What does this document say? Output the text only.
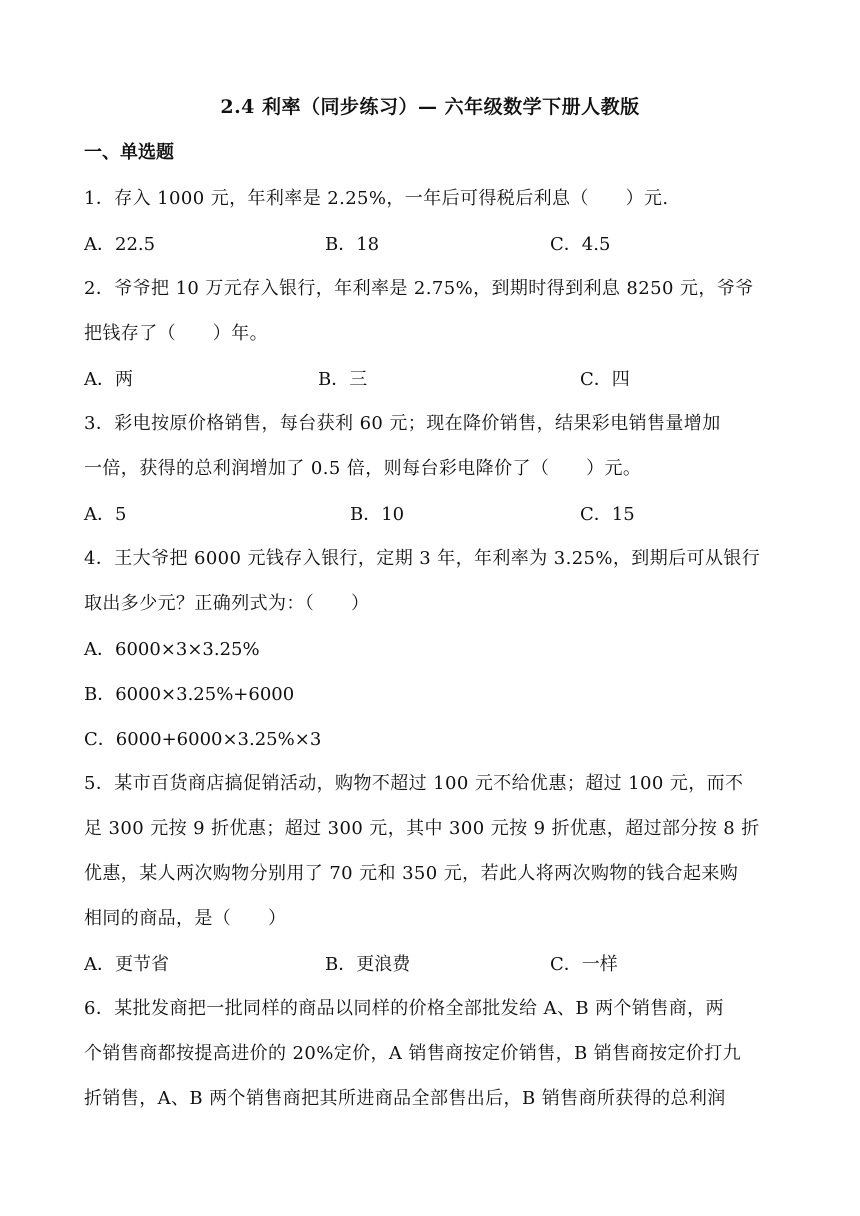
2.4 利率（同步练习）— 六年级数学下册人教版
一、单选题
1．存入 1000 元，年利率是 2.25%，一年后可得税后利息（　　）元.
A．22.5	B．18	C．4.5
2．爷爷把 10 万元存入银行，年利率是 2.75%，到期时得到利息 8250 元，爷爷
把钱存了（　　）年。
A．两	B．三	C．四
3．彩电按原价格销售，每台获利 60 元；现在降价销售，结果彩电销售量增加
一倍，获得的总利润增加了 0.5 倍，则每台彩电降价了（　　）元。
A．5	B．10	C．15
4．王大爷把 6000 元钱存入银行，定期 3 年，年利率为 3.25%，到期后可从银行
取出多少元？正确列式为：（　　）
A．6000×3×3.25%
B．6000×3.25%+6000
C．6000+6000×3.25%×3
5．某市百货商店搞促销活动，购物不超过 100 元不给优惠；超过 100 元，而不
足 300 元按 9 折优惠；超过 300 元，其中 300 元按 9 折优惠，超过部分按 8 折
优惠，某人两次购物分别用了 70 元和 350 元，若此人将两次购物的钱合起来购
相同的商品，是（　　）
A．更节省	B．更浪费	C．一样
6．某批发商把一批同样的商品以同样的价格全部批发给 A、B 两个销售商，两
个销售商都按提高进价的 20%定价，A 销售商按定价销售，B 销售商按定价打九
折销售，A、B 两个销售商把其所进商品全部售出后，B 销售商所获得的总利润
